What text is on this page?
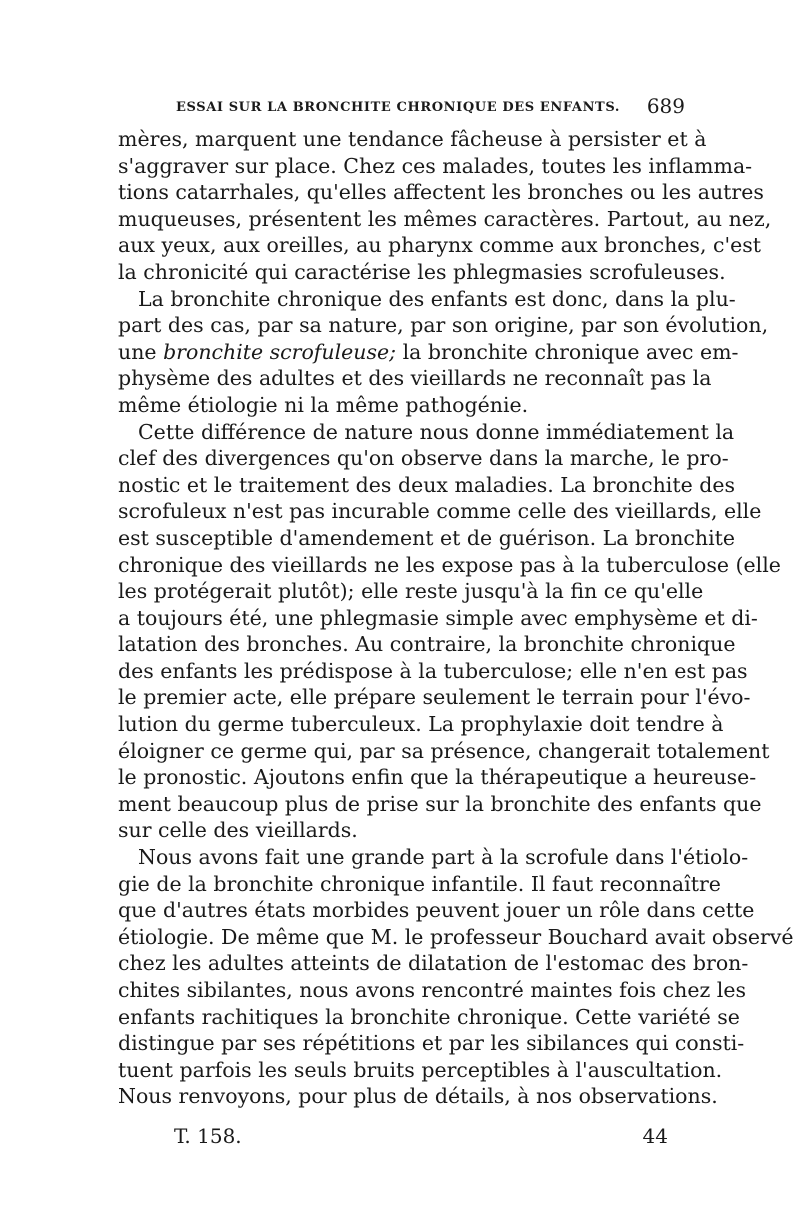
ESSAI SUR LA BRONCHITE CHRONIQUE DES ENFANTS. 689
mères, marquent une tendance fâcheuse à persister et à
s'aggraver sur place. Chez ces malades, toutes les inflamma-
tions catarrhales, qu'elles affectent les bronches ou les autres
muqueuses, présentent les mêmes caractères. Partout, au nez,
aux yeux, aux oreilles, au pharynx comme aux bronches, c'est
la chronicité qui caractérise les phlegmasies scrofuleuses.
La bronchite chronique des enfants est donc, dans la plu-
part des cas, par sa nature, par son origine, par son évolution,
une bronchite scrofuleuse; la bronchite chronique avec em-
physème des adultes et des vieillards ne reconnaît pas la
même étiologie ni la même pathogénie.
Cette différence de nature nous donne immédiatement la
clef des divergences qu'on observe dans la marche, le pro-
nostic et le traitement des deux maladies. La bronchite des
scrofuleux n'est pas incurable comme celle des vieillards, elle
est susceptible d'amendement et de guérison. La bronchite
chronique des vieillards ne les expose pas à la tuberculose (elle
les protégerait plutôt); elle reste jusqu'à la fin ce qu'elle
a toujours été, une phlegmasie simple avec emphysème et di-
latation des bronches. Au contraire, la bronchite chronique
des enfants les prédispose à la tuberculose; elle n'en est pas
le premier acte, elle prépare seulement le terrain pour l'évo-
lution du germe tuberculeux. La prophylaxie doit tendre à
éloigner ce germe qui, par sa présence, changerait totalement
le pronostic. Ajoutons enfin que la thérapeutique a heureuse-
ment beaucoup plus de prise sur la bronchite des enfants que
sur celle des vieillards.
Nous avons fait une grande part à la scrofule dans l'étiolo-
gie de la bronchite chronique infantile. Il faut reconnaître
que d'autres états morbides peuvent jouer un rôle dans cette
étiologie. De même que M. le professeur Bouchard avait observé
chez les adultes atteints de dilatation de l'estomac des bron-
chites sibilantes, nous avons rencontré maintes fois chez les
enfants rachitiques la bronchite chronique. Cette variété se
distingue par ses répétitions et par les sibilances qui consti-
tuent parfois les seuls bruits perceptibles à l'auscultation.
Nous renvoyons, pour plus de détails, à nos observations.
T. 158.	44
